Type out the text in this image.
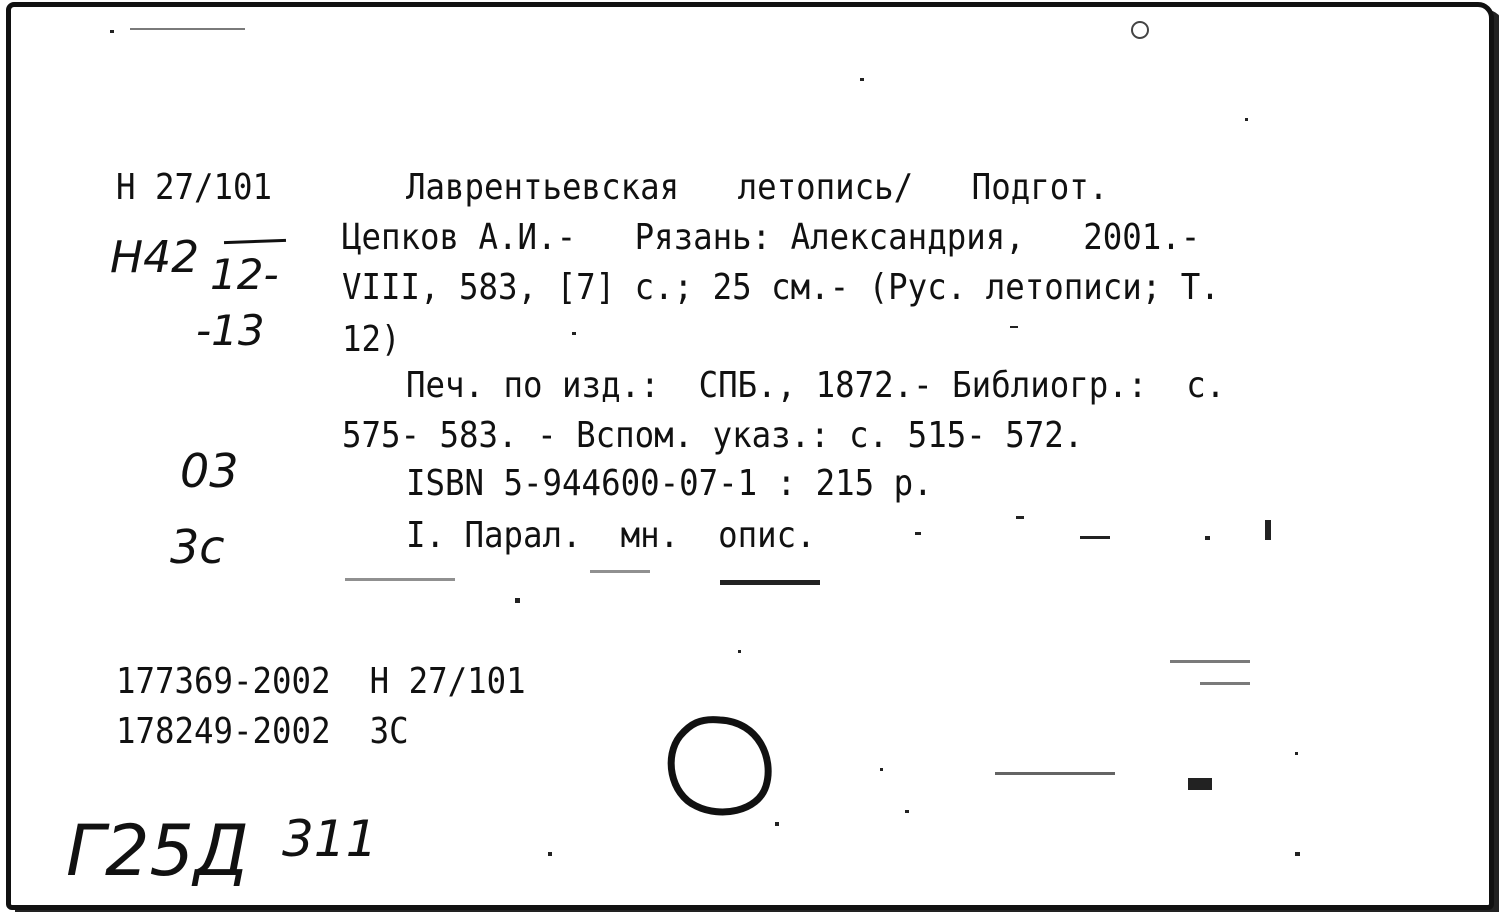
Н 27/101	Лаврентьевская   летопись/   Подгот.
Цепков А.И.-   Рязань: Александрия,   2001.-
VIII, 583, [7] с.; 25 см.- (Рус. летописи; Т.
12)
Печ. по изд.:  СПБ., 1872.- Библиогр.:  с.
575- 583. - Вспом. указ.: с. 515- 572.
ISBN 5-944600-07-1 : 215 р.
I. Парал.  мн.  опис.
177369-2002  Н 27/101
178249-2002  3С
Н42 12-
-13
03
3с
Г25Д 311
